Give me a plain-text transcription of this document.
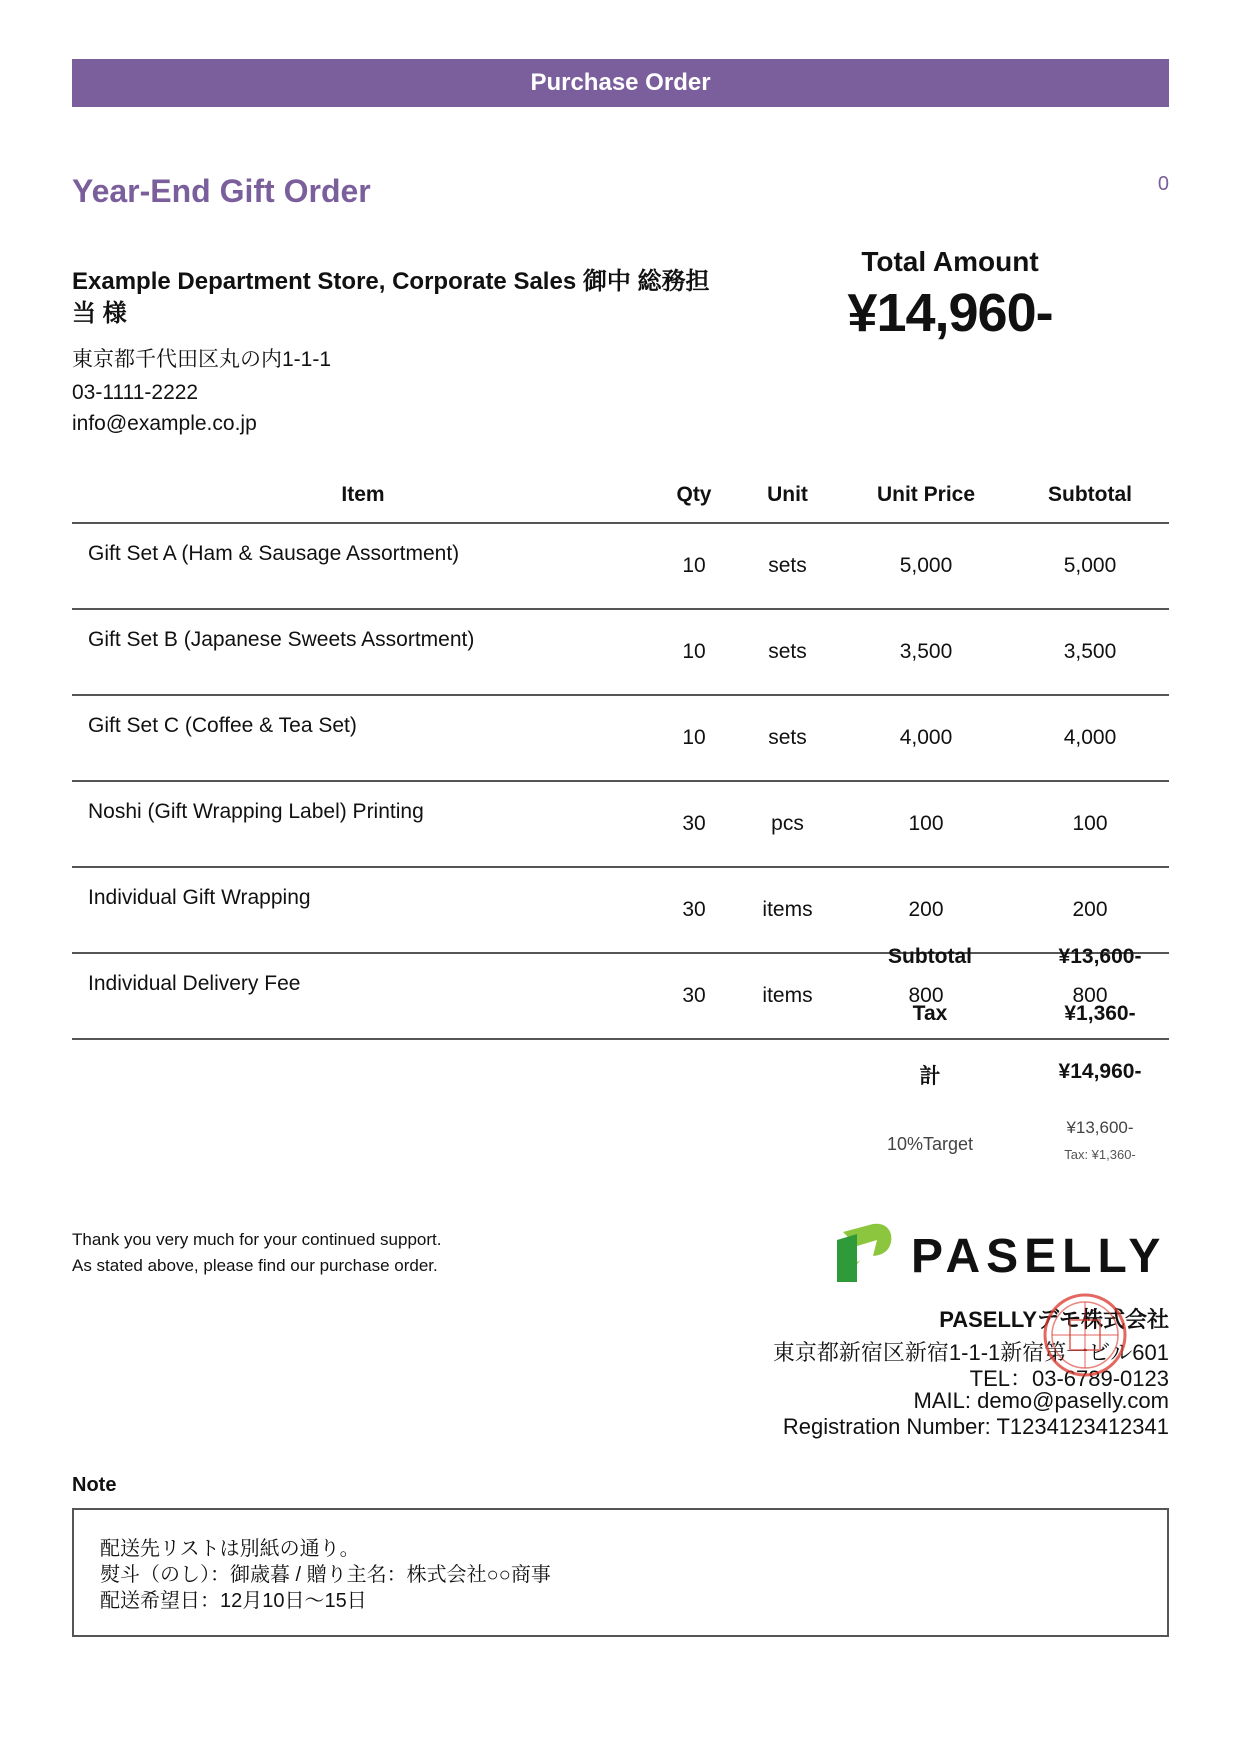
Purchase Order
Year-End Gift Order	0
Example Department Store, Corporate Sales 御中 総務担当 様
東京都千代田区丸の内1-1-1
03-1111-2222
info@example.co.jp
Total Amount
¥14,960-
Item	Qty	Unit	Unit Price	Subtotal
Gift Set A (Ham & Sausage Assortment)	10	sets	5,000	5,000
Gift Set B (Japanese Sweets Assortment)	10	sets	3,500	3,500
Gift Set C (Coffee & Tea Set)	10	sets	4,000	4,000
Noshi (Gift Wrapping Label) Printing	30	pcs	100	100
Individual Gift Wrapping	30	items	200	200
Individual Delivery Fee	30	items	800	800
Subtotal	¥13,600-
Tax	¥1,360-
計	¥14,960-
10%Target
¥13,600-
Tax: ¥1,360-
Thank you very much for your continued support.
As stated above, please find our purchase order.	PASELLY
PASELLYデモ株式会社
東京都新宿区新宿1-1-1新宿第一ビル601
TEL：03-6789-0123
MAIL: demo@paselly.com
Registration Number: T1234123412341
Note
配送先リストは別紙の通り。
熨斗（のし）：御歳暮 / 贈り主名：株式会社○○商事
配送希望日：12月10日〜15日
